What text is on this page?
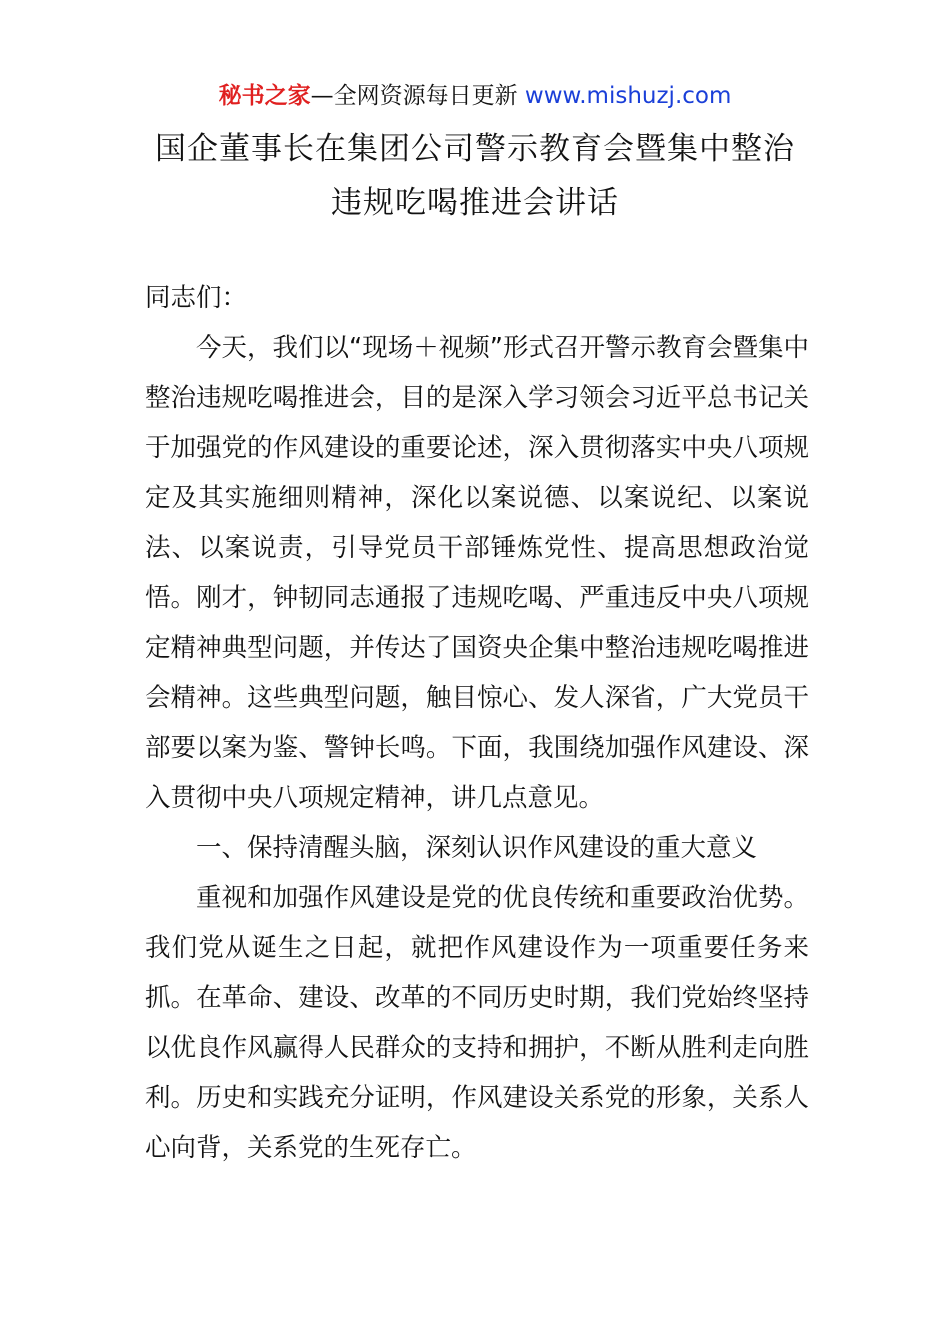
秘书之家—全网资源每日更新 www.mishuzj.com
国企董事长在集团公司警示教育会暨集中整治
违规吃喝推进会讲话

同志们：

今天，我们以“现场＋视频”形式召开警示教育会暨集中整治违规吃喝推进会，目的是深入学习领会习近平总书记关于加强党的作风建设的重要论述，深入贯彻落实中央八项规定及其实施细则精神，深化以案说德、以案说纪、以案说法、以案说责，引导党员干部锤炼党性、提高思想政治觉悟。刚才，钟韧同志通报了违规吃喝、严重违反中央八项规定精神典型问题，并传达了国资央企集中整治违规吃喝推进会精神。这些典型问题，触目惊心、发人深省，广大党员干部要以案为鉴、警钟长鸣。下面，我围绕加强作风建设、深入贯彻中央八项规定精神，讲几点意见。

一、保持清醒头脑，深刻认识作风建设的重大意义

重视和加强作风建设是党的优良传统和重要政治优势。我们党从诞生之日起，就把作风建设作为一项重要任务来抓。在革命、建设、改革的不同历史时期，我们党始终坚持以优良作风赢得人民群众的支持和拥护，不断从胜利走向胜利。历史和实践充分证明，作风建设关系党的形象，关系人心向背，关系党的生死存亡。
